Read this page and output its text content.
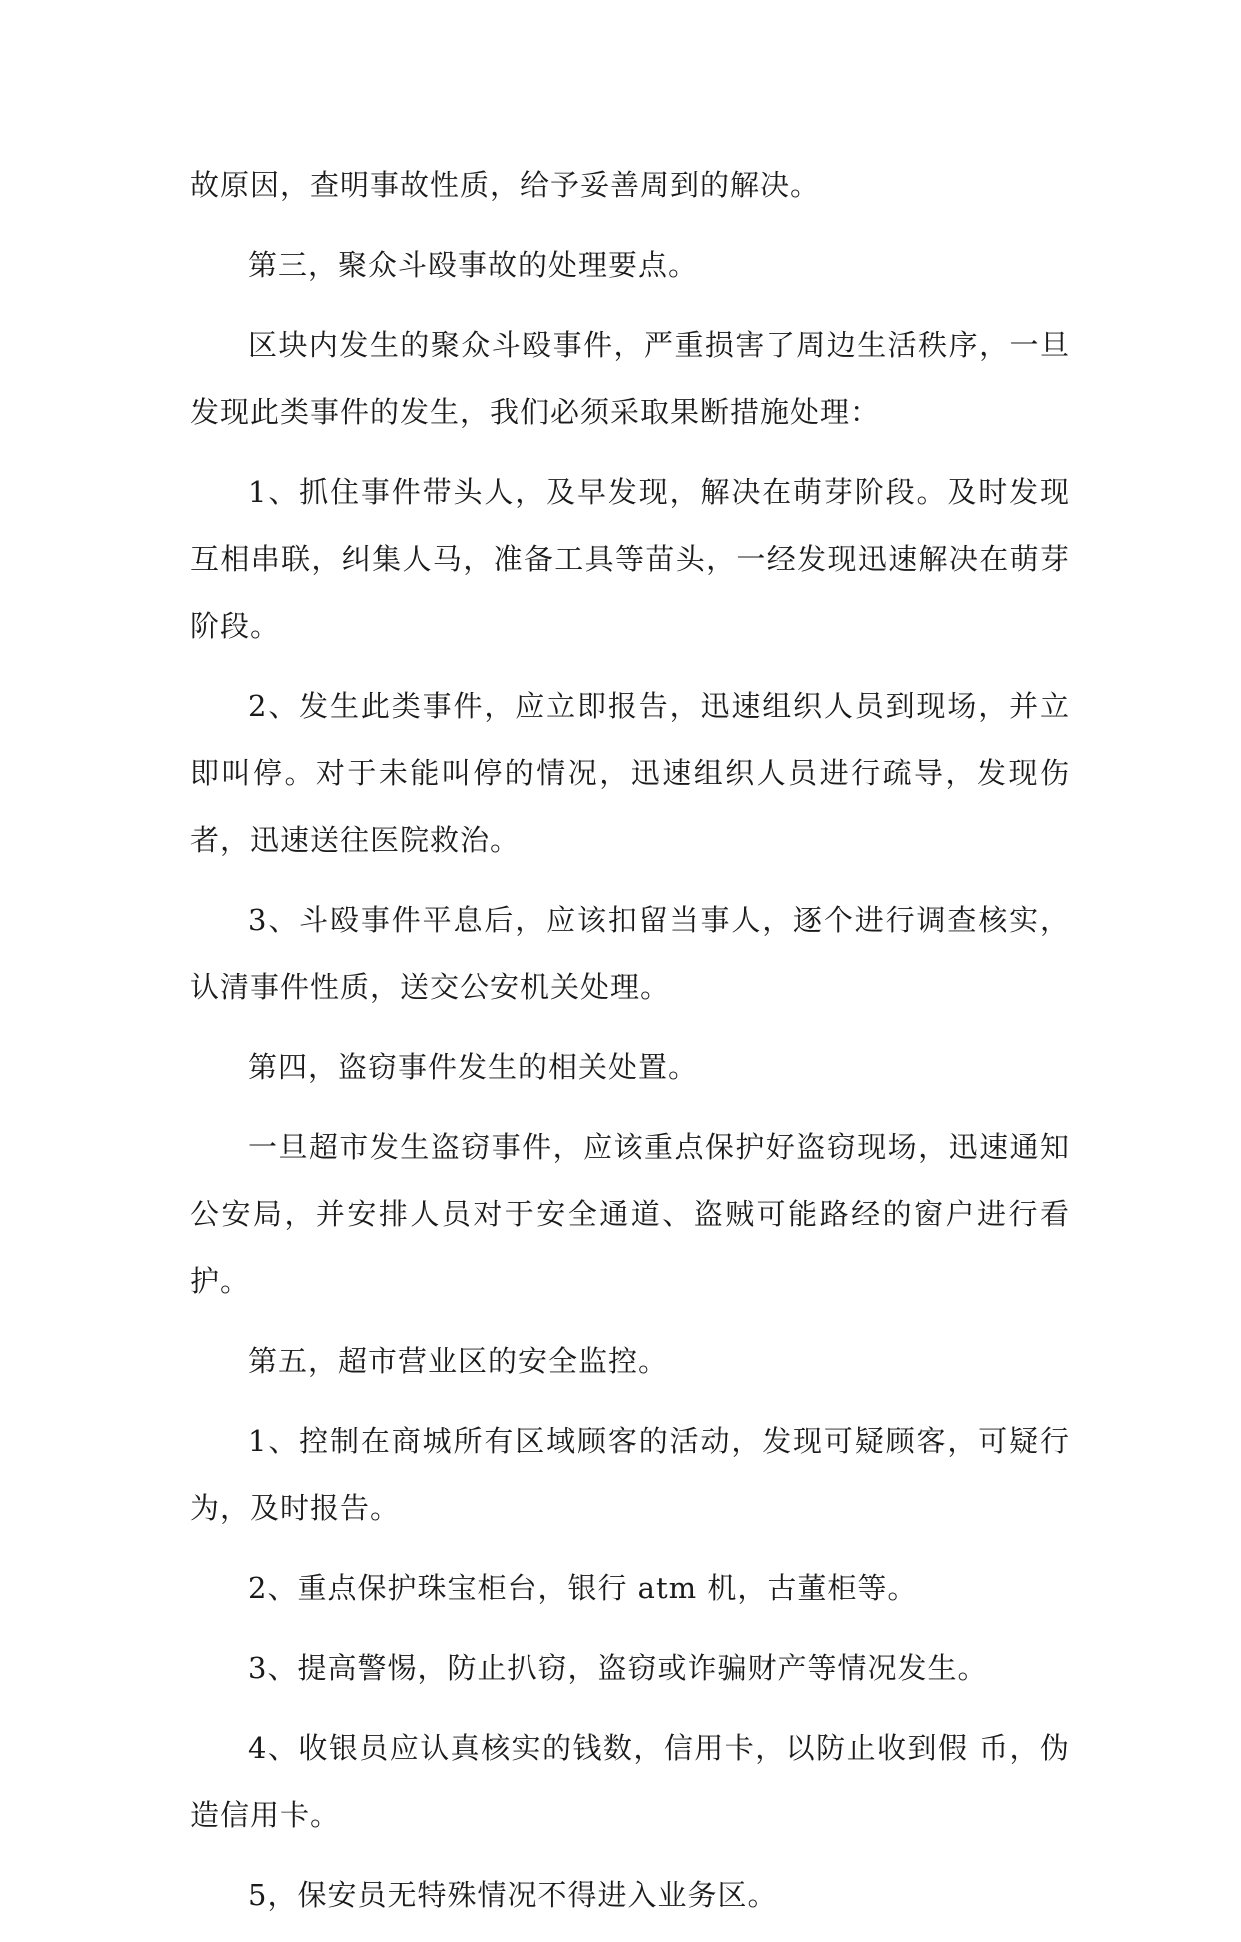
故原因，查明事故性质，给予妥善周到的解决。

第三，聚众斗殴事故的处理要点。

区块内发生的聚众斗殴事件，严重损害了周边生活秩序，一旦发现此类事件的发生，我们必须采取果断措施处理：

1、抓住事件带头人，及早发现，解决在萌芽阶段。及时发现互相串联，纠集人马，准备工具等苗头，一经发现迅速解决在萌芽阶段。

2、发生此类事件，应立即报告，迅速组织人员到现场，并立即叫停。对于未能叫停的情况，迅速组织人员进行疏导，发现伤者，迅速送往医院救治。

3、斗殴事件平息后，应该扣留当事人，逐个进行调查核实，认清事件性质，送交公安机关处理。

第四，盗窃事件发生的相关处置。

一旦超市发生盗窃事件，应该重点保护好盗窃现场，迅速通知公安局，并安排人员对于安全通道、盗贼可能路经的窗户进行看护。

第五，超市营业区的安全监控。

1、控制在商城所有区域顾客的活动，发现可疑顾客，可疑行为，及时报告。

2、重点保护珠宝柜台，银行 atm 机，古董柜等。

3、提高警惕，防止扒窃，盗窃或诈骗财产等情况发生。

4、收银员应认真核实的钱数，信用卡，以防止收到假 币，伪造信用卡。

5，保安员无特殊情况不得进入业务区。
